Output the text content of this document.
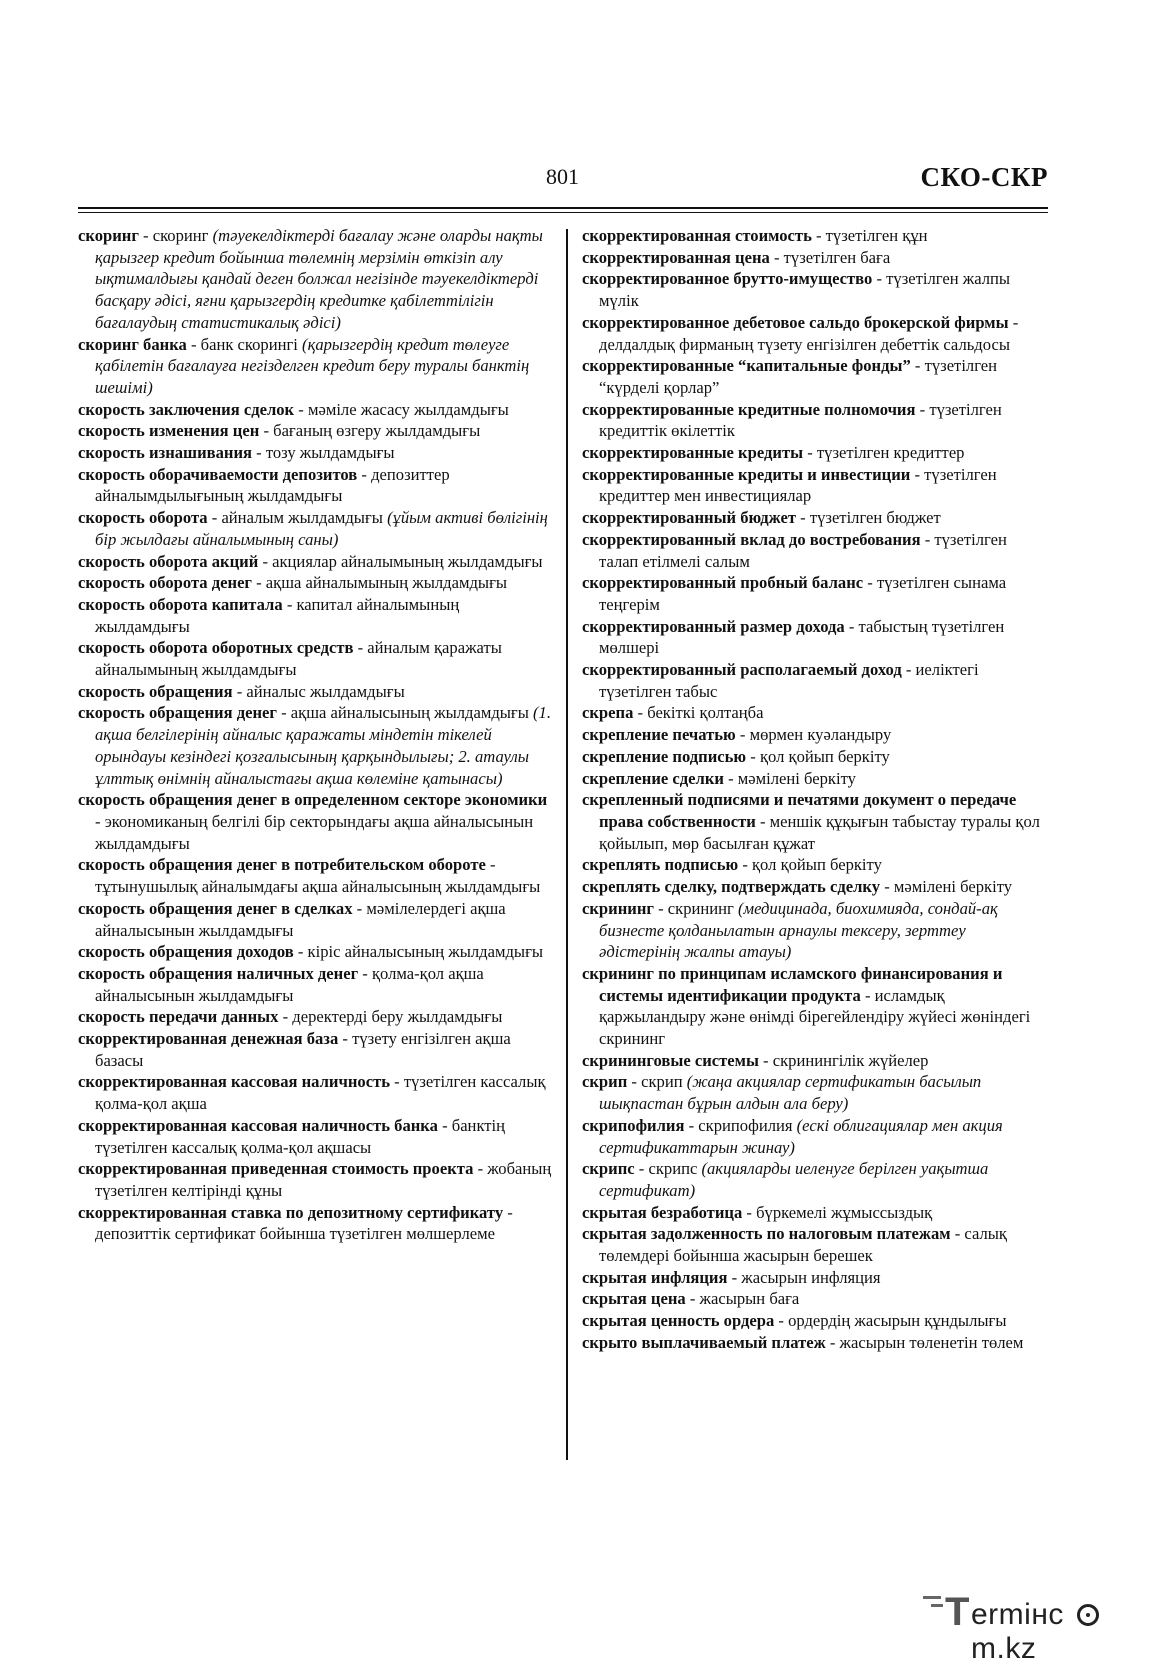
801	СКО-СКР

скоринг - скоринг (тәуекелдіктерді бағалау және оларды нақты қарызгер кредит бойынша төлемнің мерзімін өткізіп алу ықтималдығы қандай деген болжал негізінде тәуекелдіктерді басқару әдісі, яғни қарызгердің кредитке қабілеттілігін бағалаудың статистикалық әдісі)

скоринг банка - банк скорингі (қарызгердің кредит төлеуге қабілетін бағалауға негізделген кредит беру туралы банктің шешімі)

скорость заключения сделок - мәміле жасасу жылдамдығы

скорость изменения цен - бағаның өзгеру жылдамдығы

скорость изнашивания - тозу жылдамдығы

скорость оборачиваемости депозитов - депозиттер айналымдылығының жылдамдығы

скорость оборота - айналым жылдамдығы (ұйым активі бөлігінің бір жылдағы айналымының саны)

скорость оборота акций - акциялар айналымының жылдамдығы

скорость оборота денег - ақша айналымының жылдамдығы

скорость оборота капитала - капитал айналымының жылдамдығы

скорость оборота оборотных средств - айналым қаражаты айналымының жылдамдығы

скорость обращения - айналыс жылдамдығы

скорость обращения денег - ақша айналысының жылдамдығы (1. ақша белгілерінің айналыс қаражаты міндетін тікелей орындауы кезіндегі қозғалысының қарқындылығы; 2. атаулы ұлттық өнімнің айналыстағы ақша көлеміне қатынасы)

скорость обращения денег в определенном секторе экономики - экономиканың белгілі бір секторындағы ақша айналысынын жылдамдығы

скорость обращения денег в потребительском обороте - тұтынушылық айналымдағы ақша айналысының жылдамдығы

скорость обращения денег в сделках - мәмілелердегі ақша айналысынын жылдамдығы

скорость обращения доходов - кіріс айналысының жылдамдығы

скорость обращения наличных денег - қолма-қол ақша айналысынын жылдамдығы

скорость передачи данных - деректерді беру жылдамдығы

скорректированная денежная база - түзету енгізілген ақша базасы

скорректированная кассовая наличность - түзетілген кассалық қолма-қол ақша

скорректированная кассовая наличность банка - банктің түзетілген кассалық қолма-қол ақшасы

скорректированная приведенная стоимость проекта - жобаның түзетілген келтірінді құны

скорректированная ставка по депозитному сертификату - депозиттік сертификат бойынша түзетілген мөлшерлеме

скорректированная стоимость - түзетілген құн

скорректированная цена - түзетілген баға

скорректированное брутто-имущество - түзетілген жалпы мүлік

скорректированное дебетовое сальдо брокерской фирмы - делдалдық фирманың түзету енгізілген дебеттік сальдосы

скорректированные “капитальные фонды” - түзетілген “күрделі қорлар”

скорректированные кредитные полномочия - түзетілген кредиттік өкілеттік

скорректированные кредиты - түзетілген кредиттер

скорректированные кредиты и инвестиции - түзетілген кредиттер мен инвестициялар

скорректированный бюджет - түзетілген бюджет

скорректированный вклад до востребования - түзетілген талап етілмелі салым

скорректированный пробный баланс - түзетілген сынама теңгерім

скорректированный размер дохода - табыстың түзетілген мөлшері

скорректированный располагаемый доход - иеліктегі түзетілген табыс

скрепа - бекіткі қолтаңба

скрепление печатью - мөрмен куәландыру

скрепление подписью - қол қойып беркіту

скрепление сделки - мәмілені беркіту

скрепленный подписями и печатями документ о передаче права собственности - меншік құқығын табыстау туралы қол қойылып, мөр басылған құжат

скреплять подписью - қол қойып беркіту

скреплять сделку, подтверждать сделку - мәмілені беркіту

скрининг - скрининг (медицинада, биохимияда, сондай-ақ бизнесте қолданылатын арнаулы тексеру, зерттеу әдістерінің жалпы атауы)

скрининг по принципам исламского финансирования и системы идентификации продукта - исламдық қаржыландыру және өнімді бірегейлендіру жүйесі жөніндегі скрининг

скрининговые системы - скринингілік жүйелер

скрип - скрип (жаңа акциялар сертификатын басылып шықпастан бұрын алдын ала беру)

скрипофилия - скрипофилия (ескі облигациялар мен акция сертификаттарын жинау)

скрипс - скрипс (акцияларды иеленуге берілген уақытша сертификат)

скрытая безработица - бүркемелі жұмыссыздық

скрытая задолженность по налоговым платежам - салық төлемдері бойынша жасырын берешек

скрытая инфляция - жасырын инфляция

скрытая цена - жасырын баға

скрытая ценность ордера - ордердің жасырын құндылығы

скрыто выплачиваемый платеж - жасырын төленетін төлем

T ermінcm.kz
